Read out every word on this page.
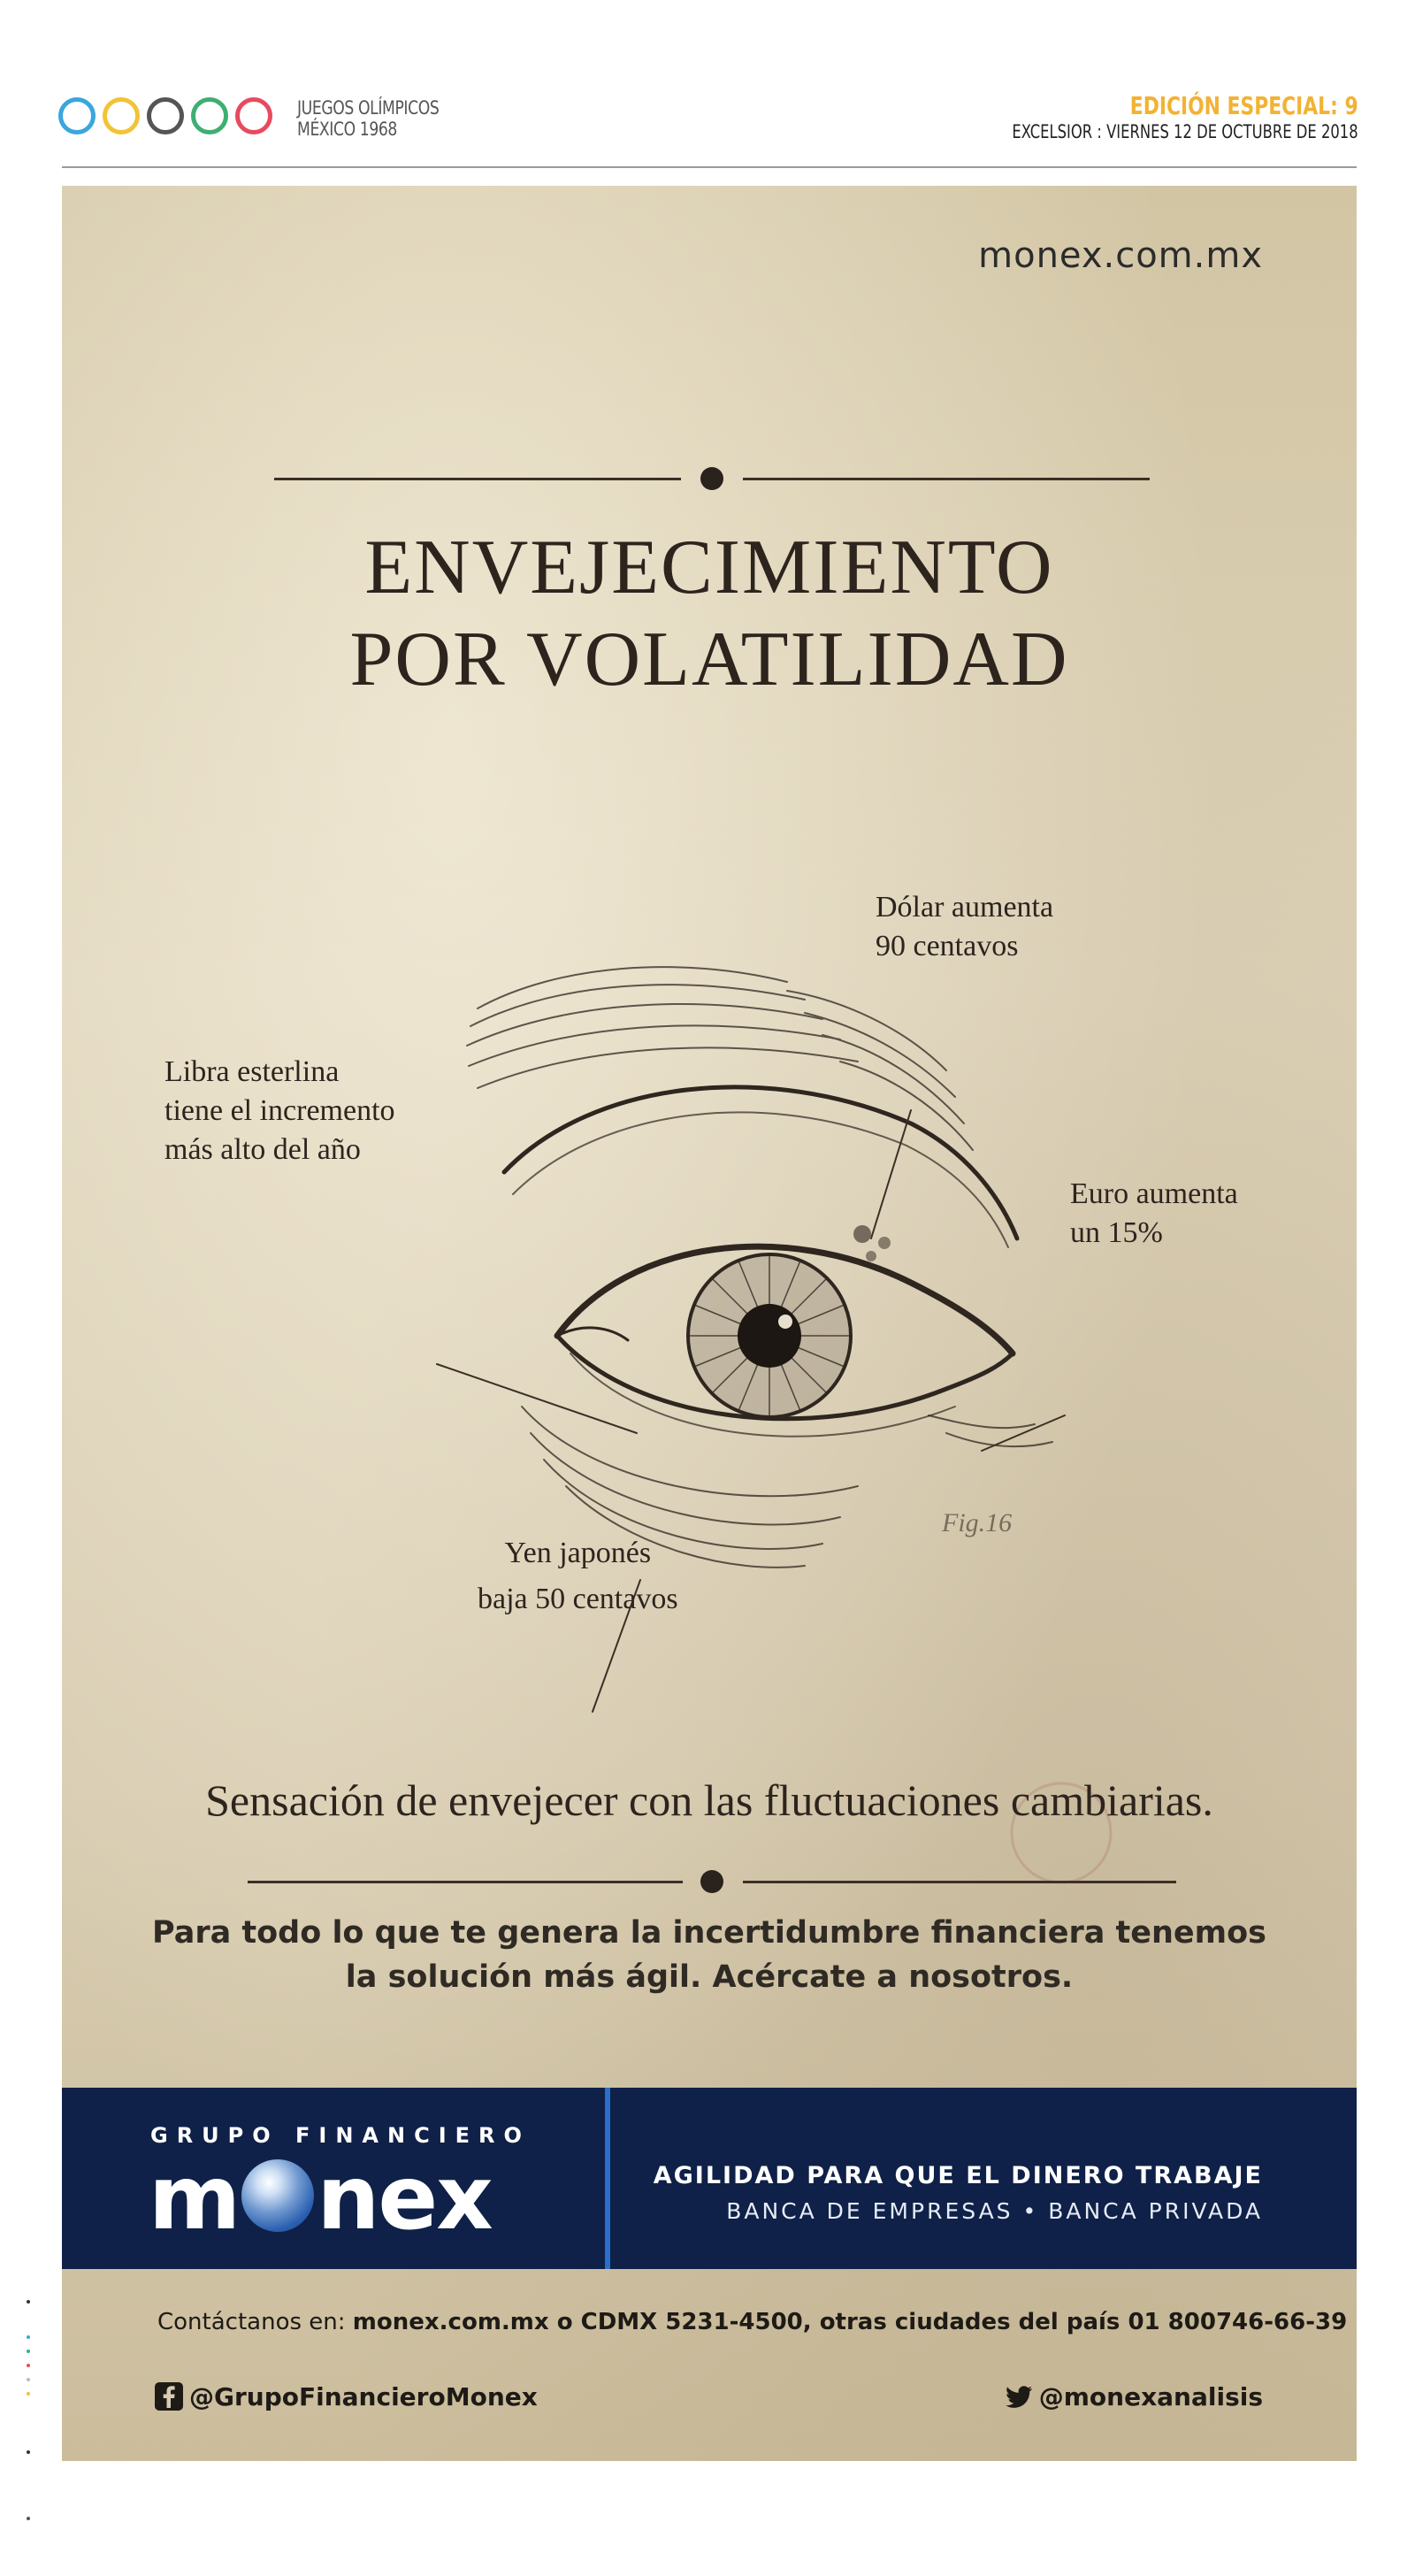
JUEGOS OLÍMPICOS
MÉXICO 1968
EDICIÓN ESPECIAL: 9
EXCELSIOR : VIERNES 12 DE OCTUBRE DE 2018
monex.com.mx
ENVEJECIMIENTO
POR VOLATILIDAD
Dólar aumenta
90 centavos
Libra esterlina
tiene el incremento
más alto del año
Euro aumenta
un 15%
Yen japonés
baja 50 centavos
Fig.16
Sensación de envejecer con las fluctuaciones cambiarias.
Para todo lo que te genera la incertidumbre financiera tenemos
la solución más ágil. Acércate a nosotros.
GRUPO FINANCIERO
m nex	AGILIDAD PARA QUE EL DINERO TRABAJE
BANCA DE EMPRESAS • BANCA PRIVADA
Contáctanos en: monex.com.mx o CDMX 5231-4500, otras ciudades del país 01 800746-66-39
@GrupoFinancieroMonex	@monexanalisis
